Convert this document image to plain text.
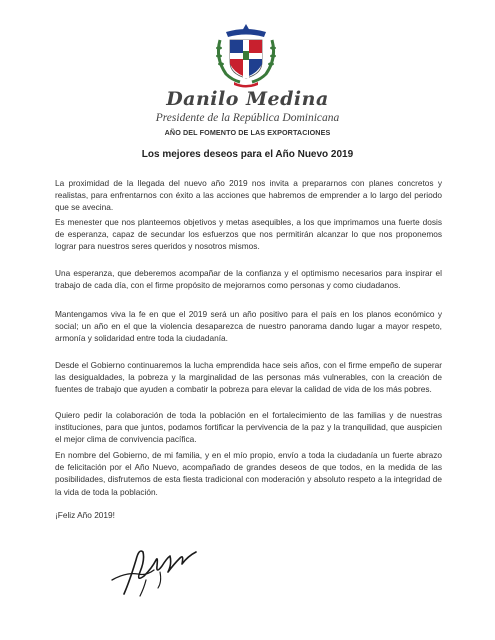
Danilo Medina
Presidente de la República Dominicana
AÑO DEL FOMENTO DE LAS EXPORTACIONES
Los mejores deseos para el Año Nuevo 2019

La proximidad de la llegada del nuevo año 2019 nos invita a prepararnos con planes concretos y realistas, para enfrentarnos con éxito a las acciones que habremos de emprender a lo largo del periodo que se avecina.

Es menester que nos planteemos objetivos y metas asequibles, a los que imprimamos una fuerte dosis de esperanza, capaz de secundar los esfuerzos que nos permitirán alcanzar lo que nos proponemos lograr para nuestros seres queridos y nosotros mismos.

Una esperanza, que deberemos acompañar de la confianza y el optimismo necesarios para inspirar el trabajo de cada día, con el firme propósito de mejorarnos como personas y como ciudadanos.

Mantengamos viva la fe en que el 2019 será un año positivo para el país en los planos económico y social; un año en el que la violencia desaparezca de nuestro panorama dando lugar a mayor respeto, armonía y solidaridad entre toda la ciudadanía.

Desde el Gobierno continuaremos la lucha emprendida hace seis años, con el firme empeño de superar las desigualdades, la pobreza y la marginalidad de las personas más vulnerables, con la creación de fuentes de trabajo que ayuden a combatir la pobreza para elevar la calidad de vida de los más pobres.

Quiero pedir la colaboración de toda la población en el fortalecimiento de las familias y de nuestras instituciones, para que juntos, podamos fortificar la pervivencia de la paz y la tranquilidad, que auspicien el mejor clima de convivencia pacífica.

En nombre del Gobierno, de mi familia, y en el mío propio, envío a toda la ciudadanía un fuerte abrazo de felicitación por el Año Nuevo, acompañado de grandes deseos de que todos, en la medida de las posibilidades, disfrutemos de esta fiesta tradicional con moderación y absoluto respeto a la integridad de la vida de toda la población.

¡Feliz Año 2019!
